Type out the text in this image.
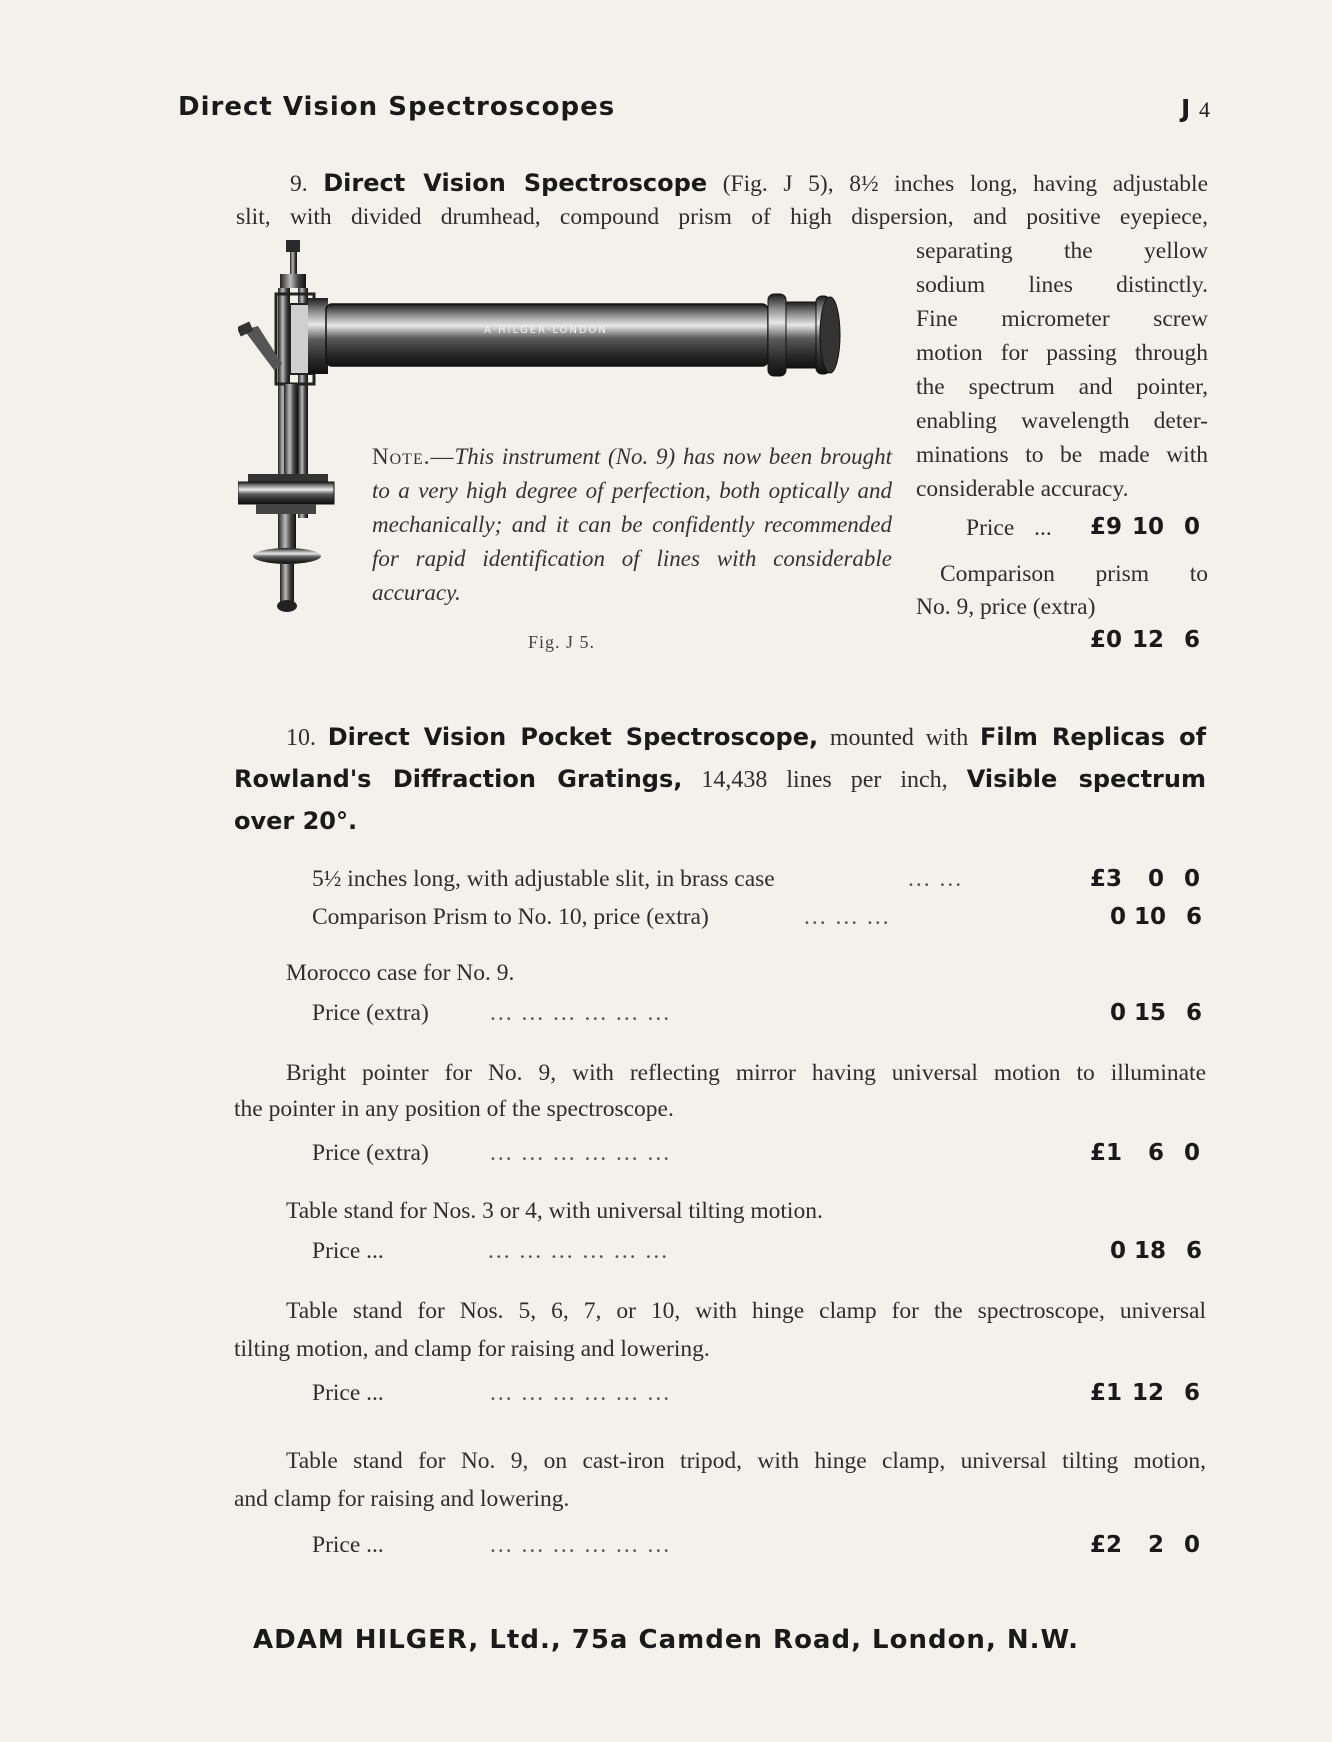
Direct Vision Spectroscopes	J 4
9. Direct Vision Spectroscope (Fig. J 5), 8½ inches long, having adjustable
slit, with divided drumhead, compound prism of high dispersion, and positive eyepiece,
separating the yellow
sodium lines distinctly.
Fine micrometer screw
motion for passing through
the spectrum and pointer,
enabling wavelength deter-
minations to be made with
considerable accuracy.
Price ...	£9 10 0
Comparison prism to
No. 9, price (extra)
£0 12 6
A·HILGER·LONDON
Note.—This instrument (No. 9) has now been brought to a very high degree of perfection, both optically and mechanically; and it can be confidently recommended for rapid identification of lines with considerable accuracy.
Fig. J 5.
10. Direct Vision Pocket Spectroscope, mounted with Film Replicas of
Rowland's Diffraction Gratings, 14,438 lines per inch, Visible spectrum
over 20°.
5½ inches long, with adjustable slit, in brass case	... ...	£3 0 0
Comparison Prism to No. 10, price (extra)	... ... ...	0 10 6
Morocco case for No. 9.
Price (extra)	... ... ... ... ... ...	0 15 6
Bright pointer for No. 9, with reflecting mirror having universal motion to illuminate
the pointer in any position of the spectroscope.
Price (extra)	... ... ... ... ... ...	£1 6 0
Table stand for Nos. 3 or 4, with universal tilting motion.
Price ...	... ... ... ... ... ...	0 18 6
Table stand for Nos. 5, 6, 7, or 10, with hinge clamp for the spectroscope, universal
tilting motion, and clamp for raising and lowering.
Price ...	... ... ... ... ... ...	£1 12 6
Table stand for No. 9, on cast-iron tripod, with hinge clamp, universal tilting motion,
and clamp for raising and lowering.
Price ...	... ... ... ... ... ...	£2 2 0
ADAM HILGER, Ltd., 75a Camden Road, London, N.W.
